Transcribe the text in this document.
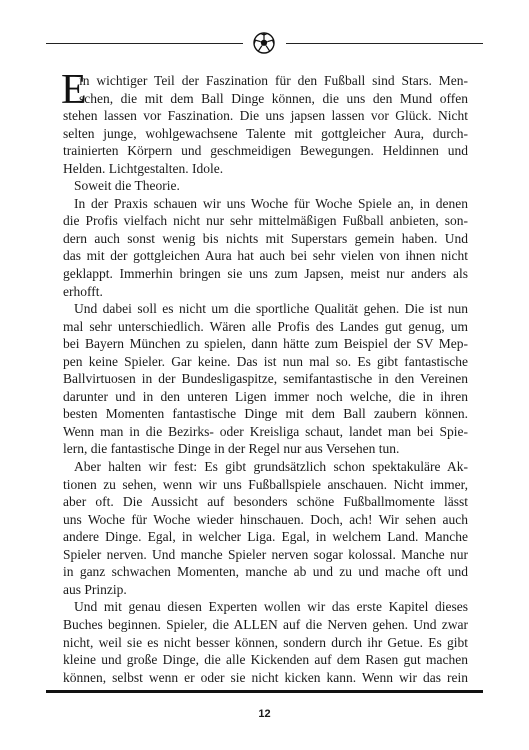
E
in wichtiger Teil der Faszination für den Fußball sind Stars. Men-
schen, die mit dem Ball Dinge können, die uns den Mund offen
stehen lassen vor Faszination. Die uns japsen lassen vor Glück. Nicht
selten junge, wohlgewachsene Talente mit gottgleicher Aura, durch-
trainierten Körpern und geschmeidigen Bewegungen. Heldinnen und
Helden. Lichtgestalten. Idole.
Soweit die Theorie.
In der Praxis schauen wir uns Woche für Woche Spiele an, in denen
die Profis vielfach nicht nur sehr mittelmäßigen Fußball anbieten, son-
dern auch sonst wenig bis nichts mit Superstars gemein haben. Und
das mit der gottgleichen Aura hat auch bei sehr vielen von ihnen nicht
geklappt. Immerhin bringen sie uns zum Japsen, meist nur anders als
erhofft.
Und dabei soll es nicht um die sportliche Qualität gehen. Die ist nun
mal sehr unterschiedlich. Wären alle Profis des Landes gut genug, um
bei Bayern München zu spielen, dann hätte zum Beispiel der SV Mep-
pen keine Spieler. Gar keine. Das ist nun mal so. Es gibt fantastische
Ballvirtuosen in der Bundesligaspitze, semifantastische in den Vereinen
darunter und in den unteren Ligen immer noch welche, die in ihren
besten Momenten fantastische Dinge mit dem Ball zaubern können.
Wenn man in die Bezirks- oder Kreisliga schaut, landet man bei Spie-
lern, die fantastische Dinge in der Regel nur aus Versehen tun.
Aber halten wir fest: Es gibt grundsätzlich schon spektakuläre Ak-
tionen zu sehen, wenn wir uns Fußballspiele anschauen. Nicht immer,
aber oft. Die Aussicht auf besonders schöne Fußballmomente lässt
uns Woche für Woche wieder hinschauen. Doch, ach! Wir sehen auch
andere Dinge. Egal, in welcher Liga. Egal, in welchem Land. Manche
Spieler nerven. Und manche Spieler nerven sogar kolossal. Manche nur
in ganz schwachen Momenten, manche ab und zu und mache oft und
aus Prinzip.
Und mit genau diesen Experten wollen wir das erste Kapitel dieses
Buches beginnen. Spieler, die ALLEN auf die Nerven gehen. Und zwar
nicht, weil sie es nicht besser können, sondern durch ihr Getue. Es gibt
kleine und große Dinge, die alle Kickenden auf dem Rasen gut machen
können, selbst wenn er oder sie nicht kicken kann. Wenn wir das rein
12
